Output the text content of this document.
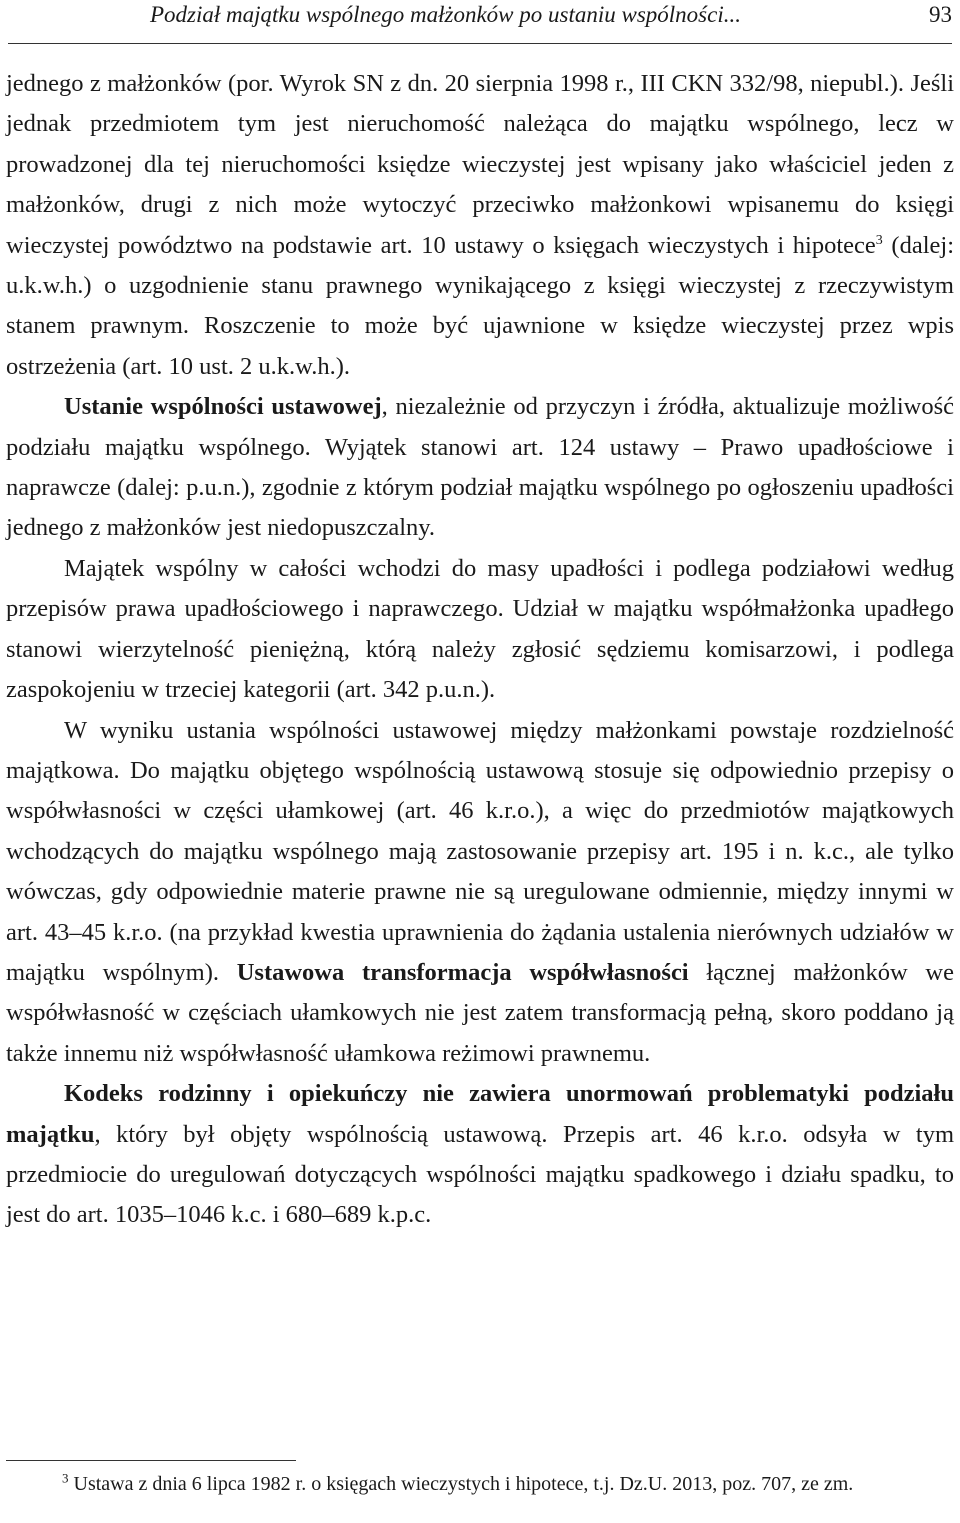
Podział majątku wspólnego małżonków po ustaniu wspólności...	93

jednego z małżonków (por. Wyrok SN z dn. 20 sierpnia 1998 r., III CKN 332/98, niepubl.). Jeśli jednak przedmiotem tym jest nieruchomość należąca do majątku wspólnego, lecz w prowadzonej dla tej nieruchomości księdze wieczystej jest wpisany jako właściciel jeden z małżonków, drugi z nich może wytoczyć przeciwko małżonkowi wpisanemu do księgi wieczystej powództwo na podstawie art. 10 ustawy o księgach wieczystych i hipotece$^3$ (dalej: u.k.w.h.) o uzgodnienie stanu prawnego wynikającego z księgi wieczystej z rzeczywistym stanem prawnym. Roszczenie to może być ujawnione w księdze wieczystej przez wpis ostrzeżenia (art. 10 ust. 2 u.k.w.h.).

Ustanie wspólności ustawowej, niezależnie od przyczyn i źródła, aktualizuje możliwość podziału majątku wspólnego. Wyjątek stanowi art. 124 ustawy – Prawo upadłościowe i naprawcze (dalej: p.u.n.), zgodnie z którym podział majątku wspólnego po ogłoszeniu upadłości jednego z małżonków jest niedopuszczalny.

Majątek wspólny w całości wchodzi do masy upadłości i podlega podziałowi według przepisów prawa upadłościowego i naprawczego. Udział w majątku współmałżonka upadłego stanowi wierzytelność pieniężną, którą należy zgłosić sędziemu komisarzowi, i podlega zaspokojeniu w trzeciej kategorii (art. 342 p.u.n.).

W wyniku ustania wspólności ustawowej między małżonkami powstaje rozdzielność majątkowa. Do majątku objętego wspólnością ustawową stosuje się odpowiednio przepisy o współwłasności w części ułamkowej (art. 46 k.r.o.), a więc do przedmiotów majątkowych wchodzących do majątku wspólnego mają zastosowanie przepisy art. 195 i n. k.c., ale tylko wówczas, gdy odpowiednie materie prawne nie są uregulowane odmiennie, między innymi w art. 43–45 k.r.o. (na przykład kwestia uprawnienia do żądania ustalenia nierównych udziałów w majątku wspólnym). Ustawowa transformacja współwłasności łącznej małżonków we współwłasność w częściach ułamkowych nie jest zatem transformacją pełną, skoro poddano ją także innemu niż współwłasność ułamkowa reżimowi prawnemu.

Kodeks rodzinny i opiekuńczy nie zawiera unormowań problematyki podziału majątku, który był objęty wspólnością ustawową. Przepis art. 46 k.r.o. odsyła w tym przedmiocie do uregulowań dotyczących wspólności majątku spadkowego i działu spadku, to jest do art. 1035–1046 k.c. i 680–689 k.p.c.

$^3$ Ustawa z dnia 6 lipca 1982 r. o księgach wieczystych i hipotece, t.j. Dz.U. 2013, poz. 707, ze zm.
